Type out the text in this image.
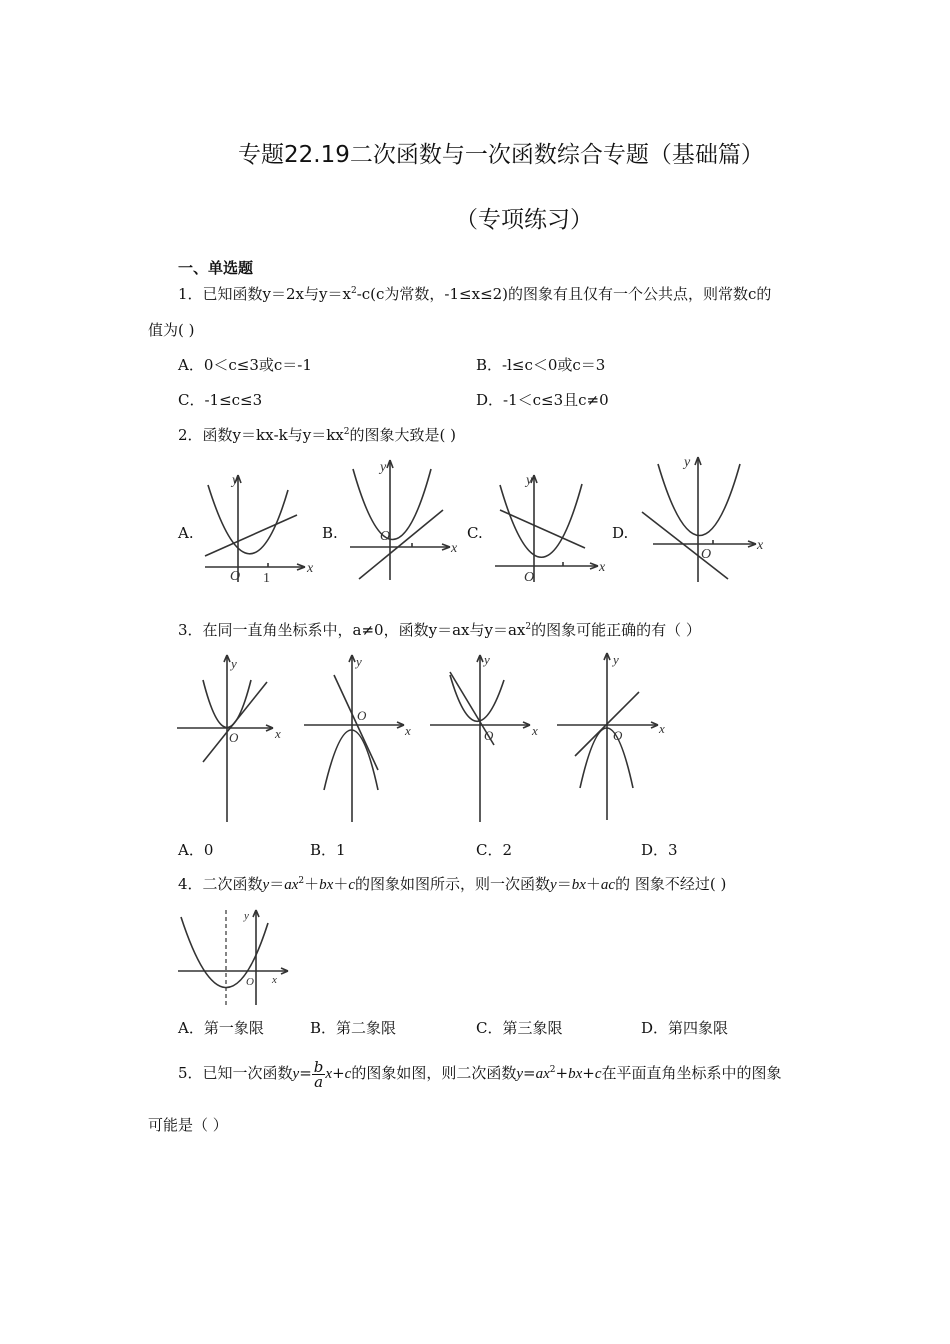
专题22.19二次函数与一次函数综合专题（基础篇）
（专项练习）
一、单选题
1．已知函数y＝2x与$y=x^2‐c(c$为常数，‐1≤x≤2)的图象有且仅有一个公共点，则常数c的
值为( )
A．0＜c≤3或c＝‐1	B．‐l≤c＜0或c＝3
C．‐1≤c≤3	D．‐1＜c≤3且c≠0
2．函数y＝kx‐k与$y=kx^2$的图象大致是( )
A.
x
y
O 1
B.
x
y
O	C.
x
y
O
D.
x
y
O
3．在同一直角坐标系中，a≠0，函数y＝ax与$y=ax^2$的图象可能正确的有（ ）
x
y
O	x
y
O
x
y
O	x
y
O
A．0	B．1	C．2	D．3
4．二次函数$y=ax^2+bx+c$的图象如图所示，则一次函数y＝bx＋ac的 图象不经过( )
x
y
O
A．第一象限	B．第二象限	C．第三象限	D．第四象限
5．已知一次函数$y= \frac{b}{a} x+c$的图象如图，则二次函数$y=ax^2+bx+c$在平面直角坐标系中的图象
可能是（ ）
